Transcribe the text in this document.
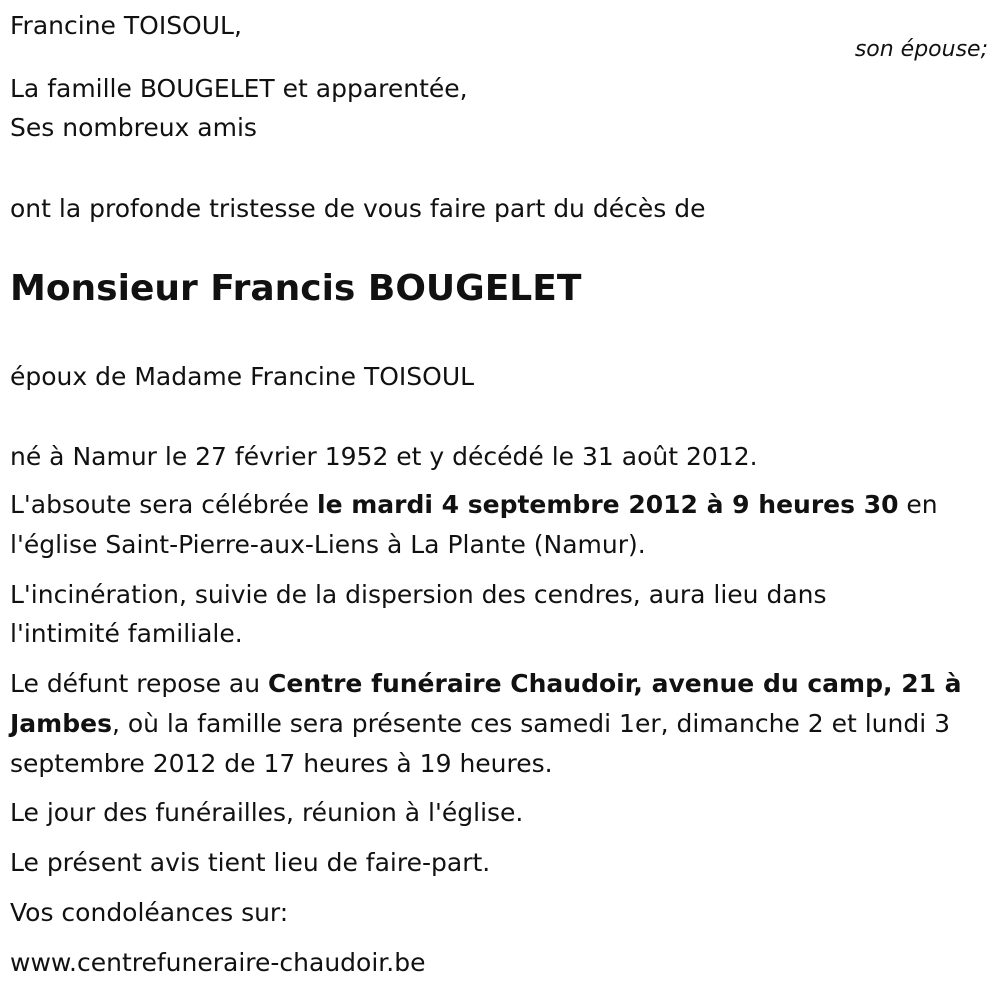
Francine TOISOUL,
son épouse;
La famille BOUGELET et apparentée,
Ses nombreux amis
ont la profonde tristesse de vous faire part du décès de
Monsieur Francis BOUGELET
époux de Madame Francine TOISOUL
né à Namur le 27 février 1952 et y décédé le 31 août 2012.
L'absoute sera célébrée le mardi 4 septembre 2012 à 9 heures 30 en
l'église Saint-Pierre-aux-Liens à La Plante (Namur).
L'incinération, suivie de la dispersion des cendres, aura lieu dans
l'intimité familiale.
Le défunt repose au Centre funéraire Chaudoir, avenue du camp, 21 à
Jambes, où la famille sera présente ces samedi 1er, dimanche 2 et lundi 3
septembre 2012 de 17 heures à 19 heures.
Le jour des funérailles, réunion à l'église.
Le présent avis tient lieu de faire-part.
Vos condoléances sur:
www.centrefuneraire-chaudoir.be
